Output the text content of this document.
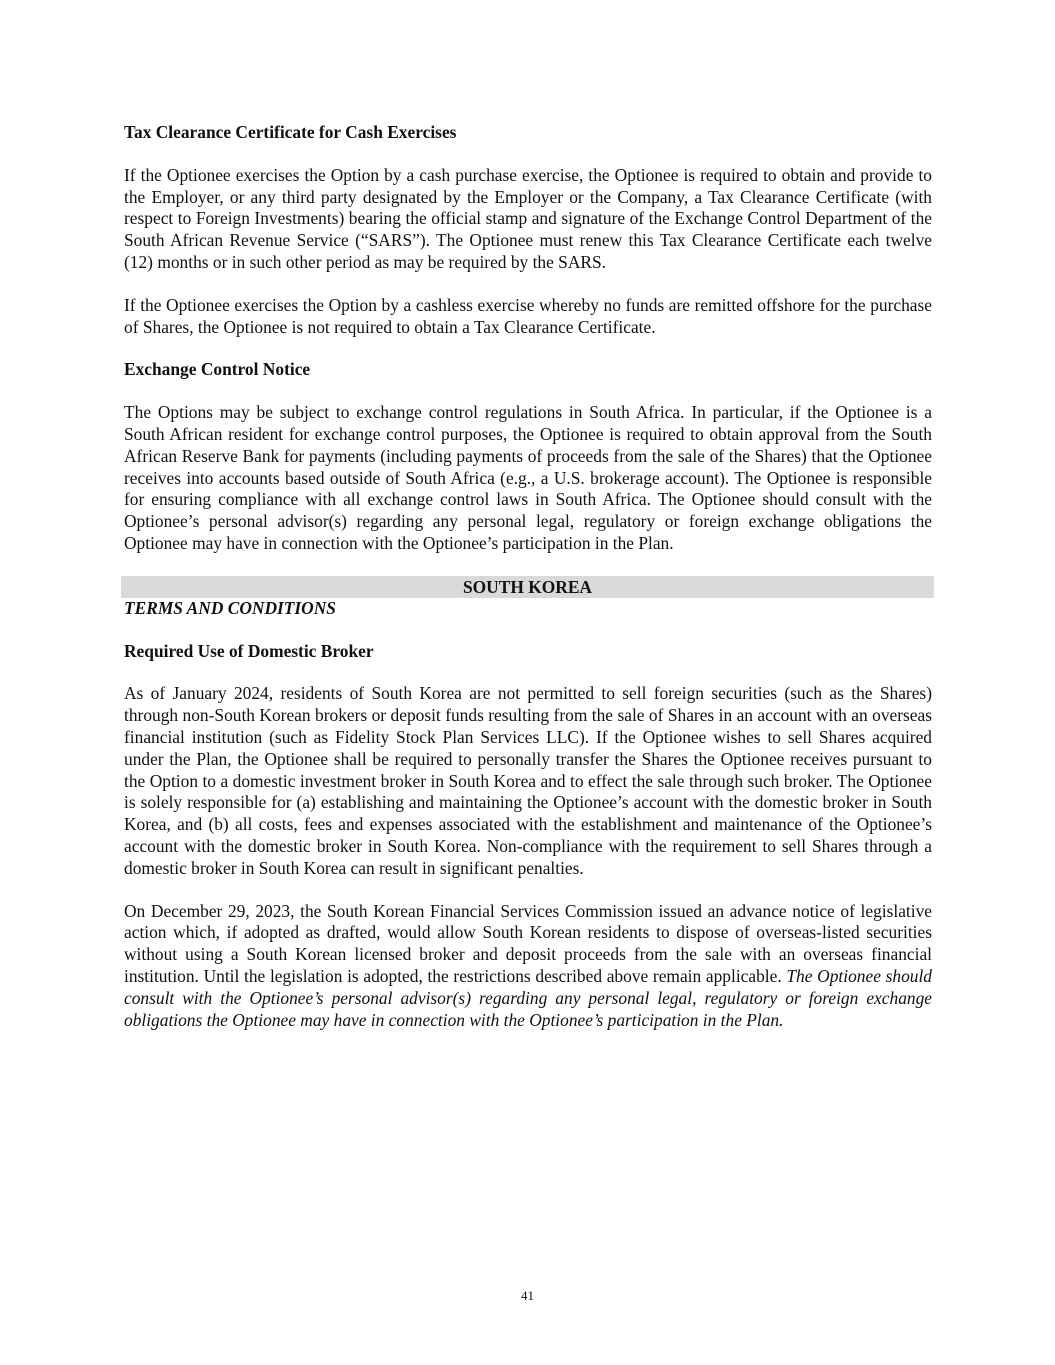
Tax Clearance Certificate for Cash Exercises

If the Optionee exercises the Option by a cash purchase exercise, the Optionee is required to obtain and provide to the Employer, or any third party designated by the Employer or the Company, a Tax Clearance Certificate (with respect to Foreign Investments) bearing the official stamp and signature of the Exchange Control Department of the South African Revenue Service (“SARS”). The Optionee must renew this Tax Clearance Certificate each twelve (12) months or in such other period as may be required by the SARS.

If the Optionee exercises the Option by a cashless exercise whereby no funds are remitted offshore for the purchase of Shares, the Optionee is not required to obtain a Tax Clearance Certificate.

Exchange Control Notice

The Options may be subject to exchange control regulations in South Africa. In particular, if the Optionee is a South African resident for exchange control purposes, the Optionee is required to obtain approval from the South African Reserve Bank for payments (including payments of proceeds from the sale of the Shares) that the Optionee receives into accounts based outside of South Africa (e.g., a U.S. brokerage account). The Optionee is responsible for ensuring compliance with all exchange control laws in South Africa. The Optionee should consult with the Optionee’s personal advisor(s) regarding any personal legal, regulatory or foreign exchange obligations the Optionee may have in connection with the Optionee’s participation in the Plan.

SOUTH KOREA

TERMS AND CONDITIONS

Required Use of Domestic Broker

As of January 2024, residents of South Korea are not permitted to sell foreign securities (such as the Shares) through non-South Korean brokers or deposit funds resulting from the sale of Shares in an account with an overseas financial institution (such as Fidelity Stock Plan Services LLC). If the Optionee wishes to sell Shares acquired under the Plan, the Optionee shall be required to personally transfer the Shares the Optionee receives pursuant to the Option to a domestic investment broker in South Korea and to effect the sale through such broker. The Optionee is solely responsible for (a) establishing and maintaining the Optionee’s account with the domestic broker in South Korea, and (b) all costs, fees and expenses associated with the establishment and maintenance of the Optionee’s account with the domestic broker in South Korea. Non-compliance with the requirement to sell Shares through a domestic broker in South Korea can result in significant penalties.

On December 29, 2023, the South Korean Financial Services Commission issued an advance notice of legislative action which, if adopted as drafted, would allow South Korean residents to dispose of overseas-listed securities without using a South Korean licensed broker and deposit proceeds from the sale with an overseas financial institution. Until the legislation is adopted, the restrictions described above remain applicable. The Optionee should consult with the Optionee’s personal advisor(s) regarding any personal legal, regulatory or foreign exchange obligations the Optionee may have in connection with the Optionee’s participation in the Plan.

41
